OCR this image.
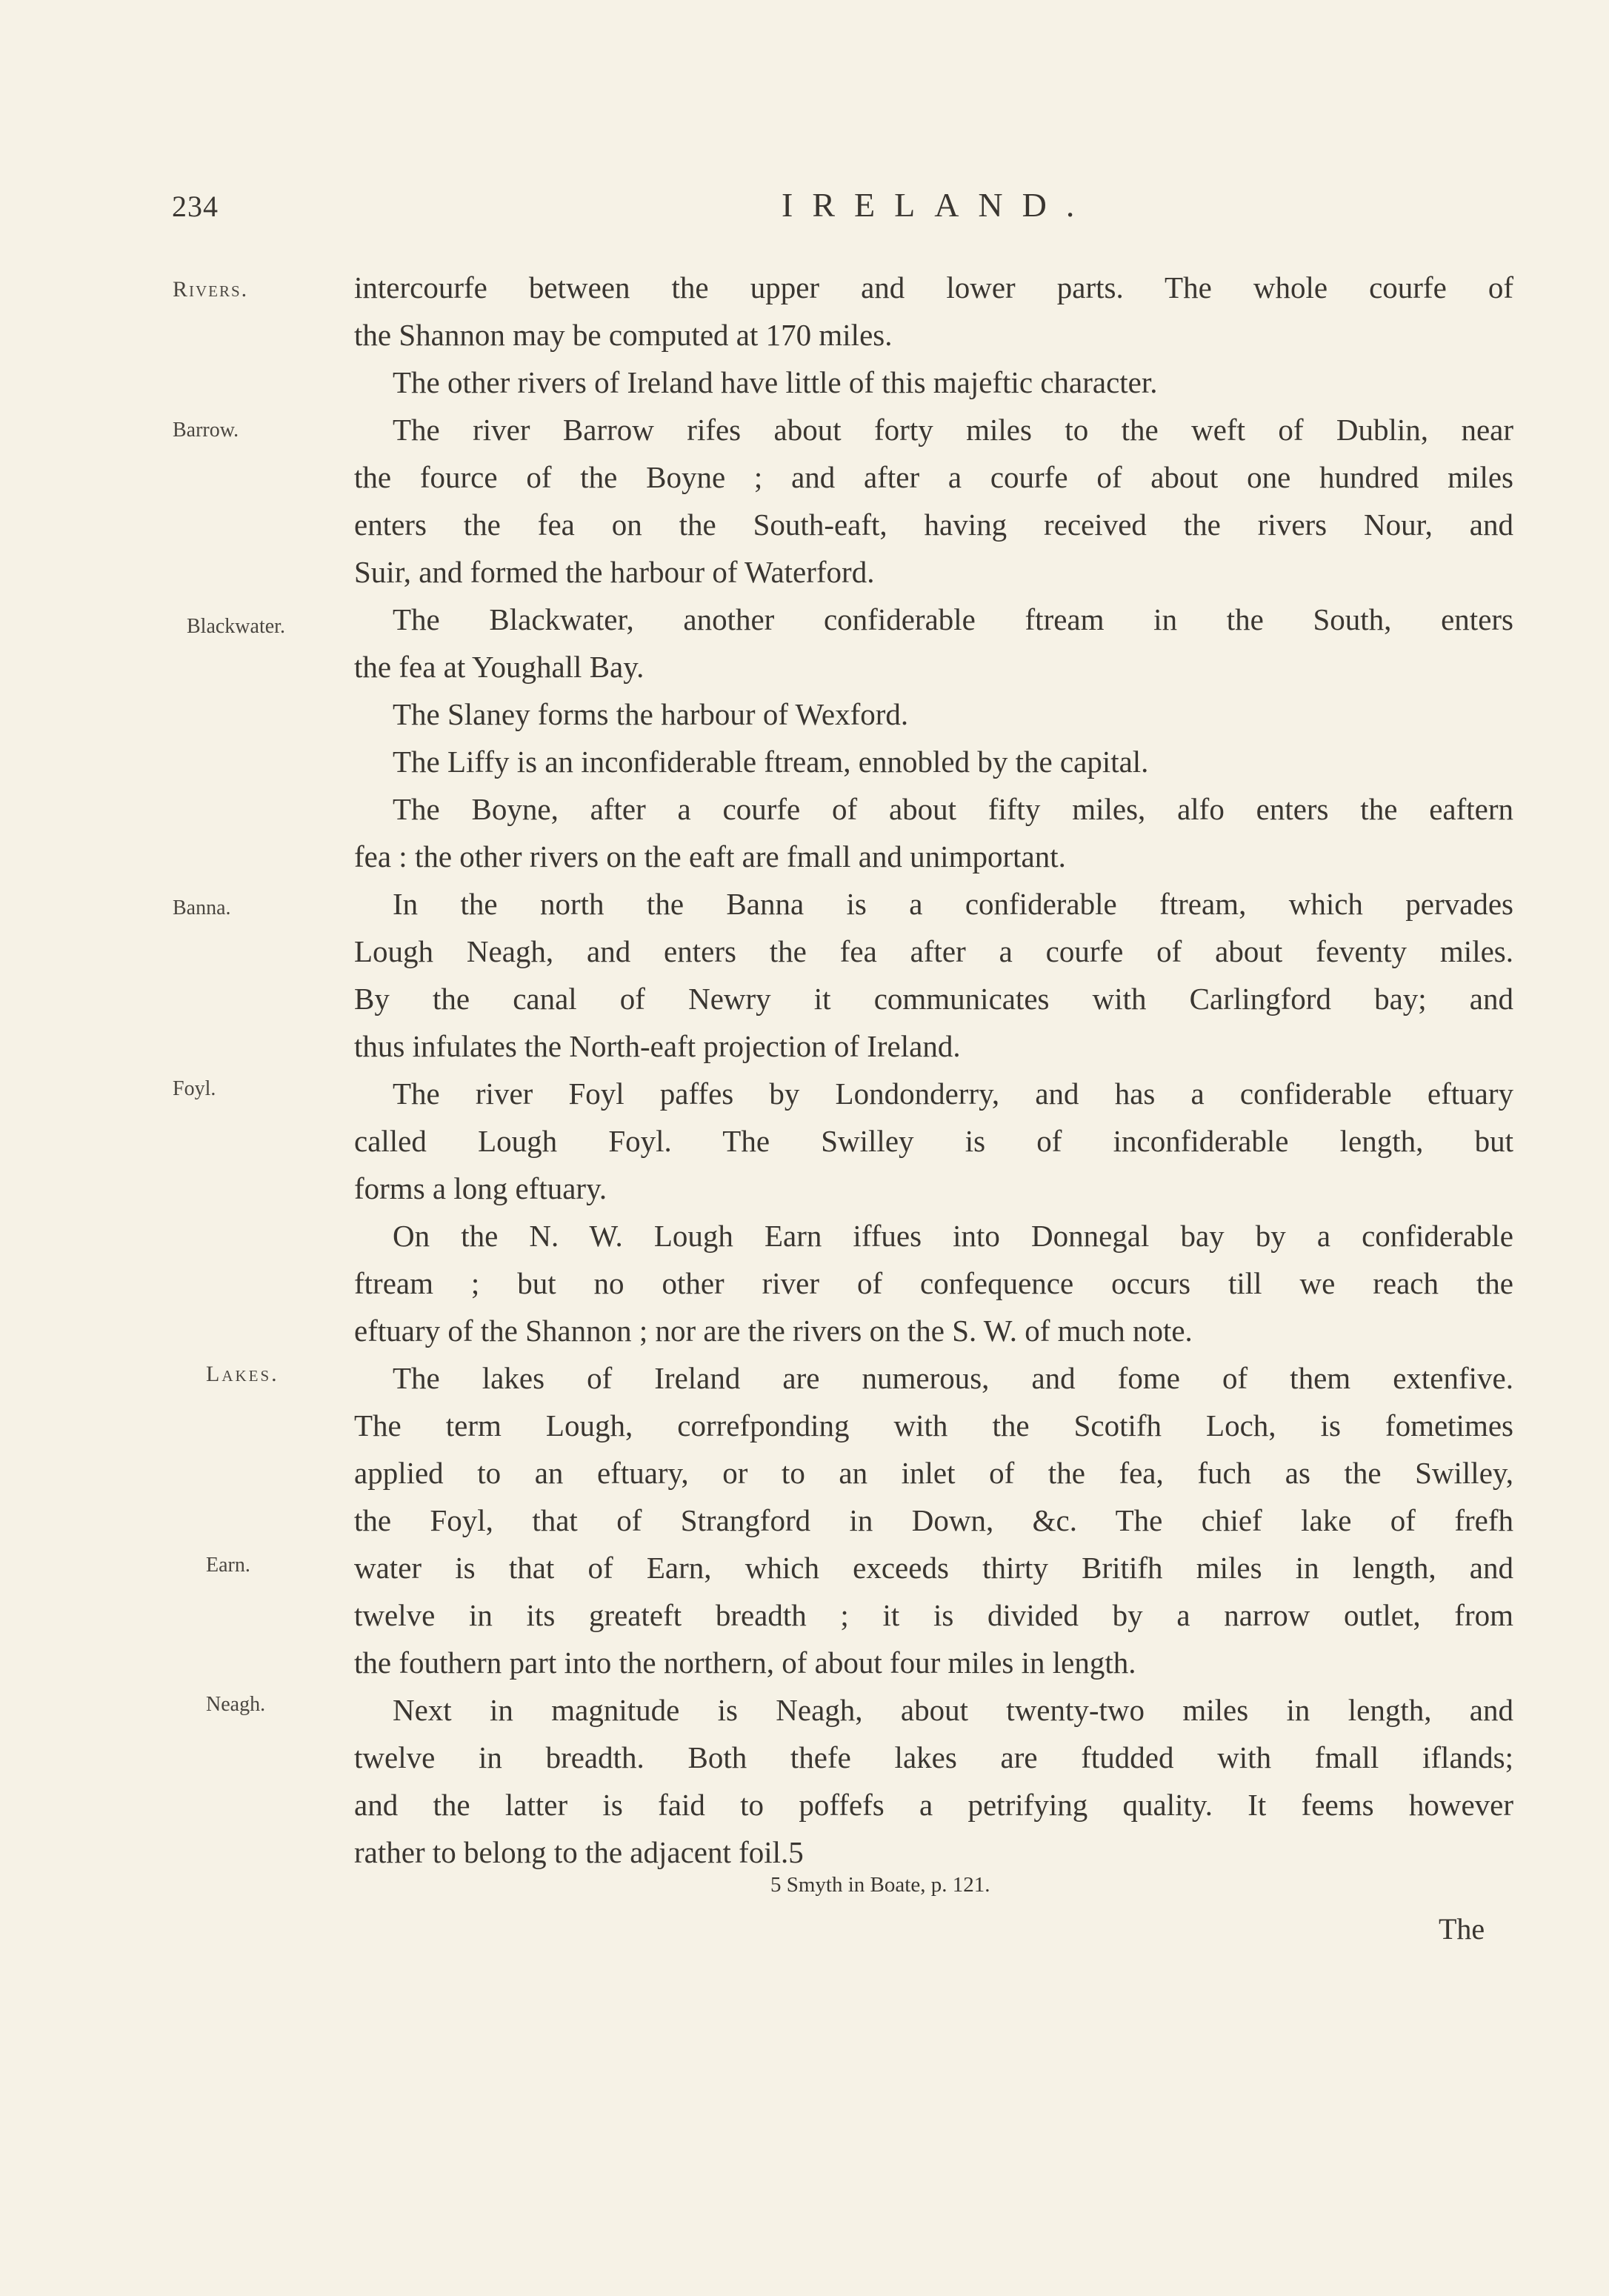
234	IRELAND.
Rivers.
Barrow.
Blackwater.
Banna.
Foyl.
Lakes.
Earn.
Neagh.
intercourfe between the upper and lower parts. The whole courfe of
the Shannon may be computed at 170 miles.
The other rivers of Ireland have little of this majeftic character.
The river Barrow rifes about forty miles to the weft of Dublin, near
the fource of the Boyne ; and after a courfe of about one hundred miles
enters the fea on the South-eaft, having received the rivers Nour, and
Suir, and formed the harbour of Waterford.
The Blackwater, another confiderable ftream in the South, enters
the fea at Youghall Bay.
The Slaney forms the harbour of Wexford.
The Liffy is an inconfiderable ftream, ennobled by the capital.
The Boyne, after a courfe of about fifty miles, alfo enters the eaftern
fea : the other rivers on the eaft are fmall and unimportant.
In the north the Banna is a confiderable ftream, which pervades
Lough Neagh, and enters the fea after a courfe of about feventy miles.
By the canal of Newry it communicates with Carlingford bay; and
thus infulates the North-eaft projection of Ireland.
The river Foyl paffes by Londonderry, and has a confiderable eftuary
called Lough Foyl. The Swilley is of inconfiderable length, but
forms a long eftuary.
On the N. W. Lough Earn iffues into Donnegal bay by a confiderable
ftream ; but no other river of confequence occurs till we reach the
eftuary of the Shannon ; nor are the rivers on the S. W. of much note.
The lakes of Ireland are numerous, and fome of them extenfive.
The term Lough, correfponding with the Scotifh Loch, is fometimes
applied to an eftuary, or to an inlet of the fea, fuch as the Swilley,
the Foyl, that of Strangford in Down, &c. The chief lake of frefh
water is that of Earn, which exceeds thirty Britifh miles in length, and
twelve in its greateft breadth ; it is divided by a narrow outlet, from
the fouthern part into the northern, of about four miles in length.
Next in magnitude is Neagh, about twenty-two miles in length, and
twelve in breadth. Both thefe lakes are ftudded with fmall iflands;
and the latter is faid to poffefs a petrifying quality. It feems however
rather to belong to the adjacent foil.5
5 Smyth in Boate, p. 121.
The
